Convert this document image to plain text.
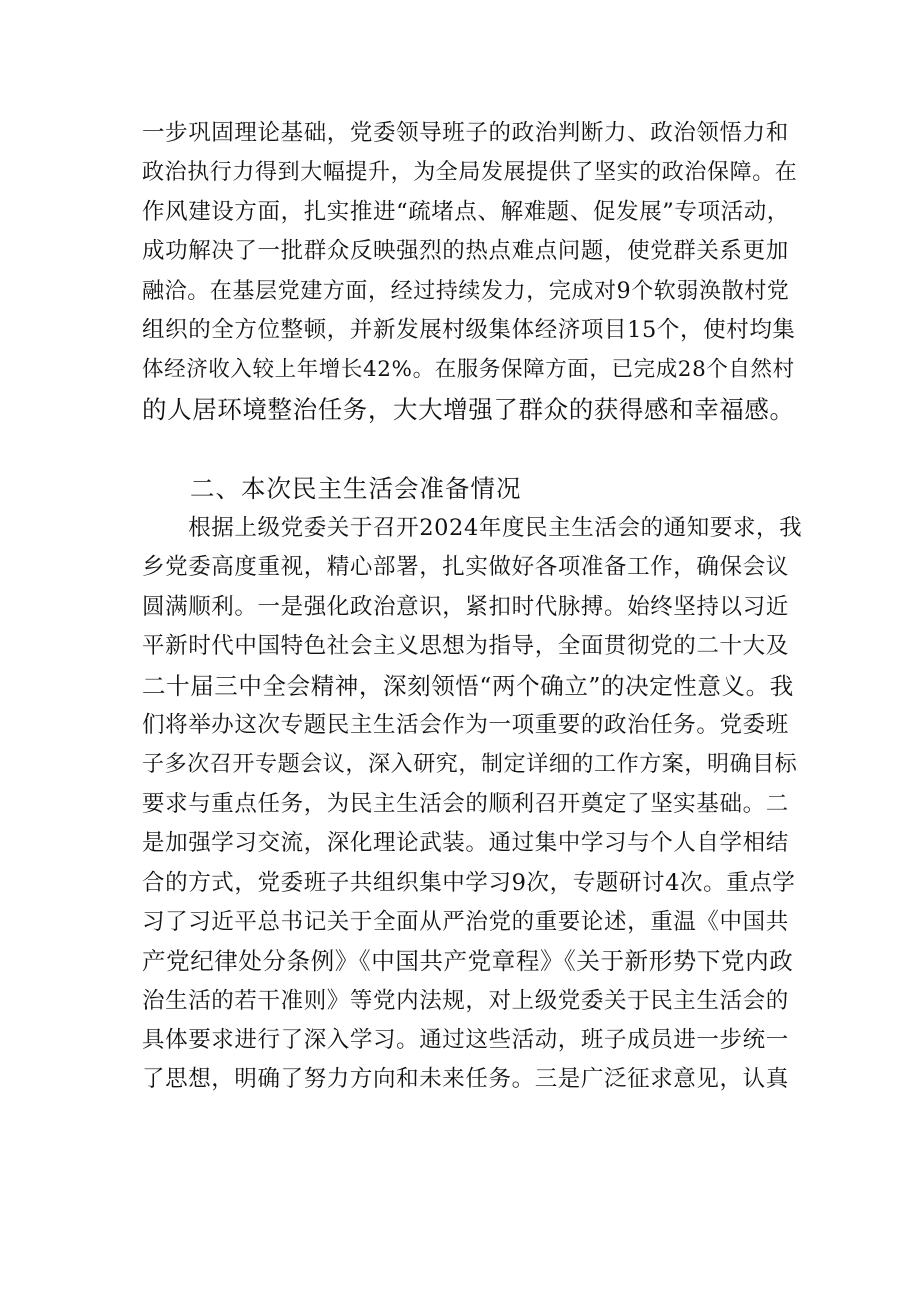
一步巩固理论基础，党委领导班子的政治判断力、政治领悟力和
政治执行力得到大幅提升，为全局发展提供了坚实的政治保障。在
作风建设方面，扎实推进“疏堵点、解难题、促发展”专项活动，
成功解决了一批群众反映强烈的热点难点问题，使党群关系更加
融洽。在基层党建方面，经过持续发力，完成对9个软弱涣散村党
组织的全方位整顿，并新发展村级集体经济项目15个，使村均集
体经济收入较上年增长42%。在服务保障方面，已完成28个自然村
的人居环境整治任务，大大增强了群众的获得感和幸福感。
二、本次民主生活会准备情况
　　根据上级党委关于召开2024年度民主生活会的通知要求，我
乡党委高度重视，精心部署，扎实做好各项准备工作，确保会议
圆满顺利。一是强化政治意识，紧扣时代脉搏。始终坚持以习近
平新时代中国特色社会主义思想为指导，全面贯彻党的二十大及
二十届三中全会精神，深刻领悟“两个确立”的决定性意义。我
们将举办这次专题民主生活会作为一项重要的政治任务。党委班
子多次召开专题会议，深入研究，制定详细的工作方案，明确目标
要求与重点任务，为民主生活会的顺利召开奠定了坚实基础。二
是加强学习交流，深化理论武装。通过集中学习与个人自学相结
合的方式，党委班子共组织集中学习9次，专题研讨4次。重点学
习了习近平总书记关于全面从严治党的重要论述，重温《中国共
产党纪律处分条例》《中国共产党章程》《关于新形势下党内政
治生活的若干准则》等党内法规，对上级党委关于民主生活会的
具体要求进行了深入学习。通过这些活动，班子成员进一步统一
了思想，明确了努力方向和未来任务。三是广泛征求意见，认真
